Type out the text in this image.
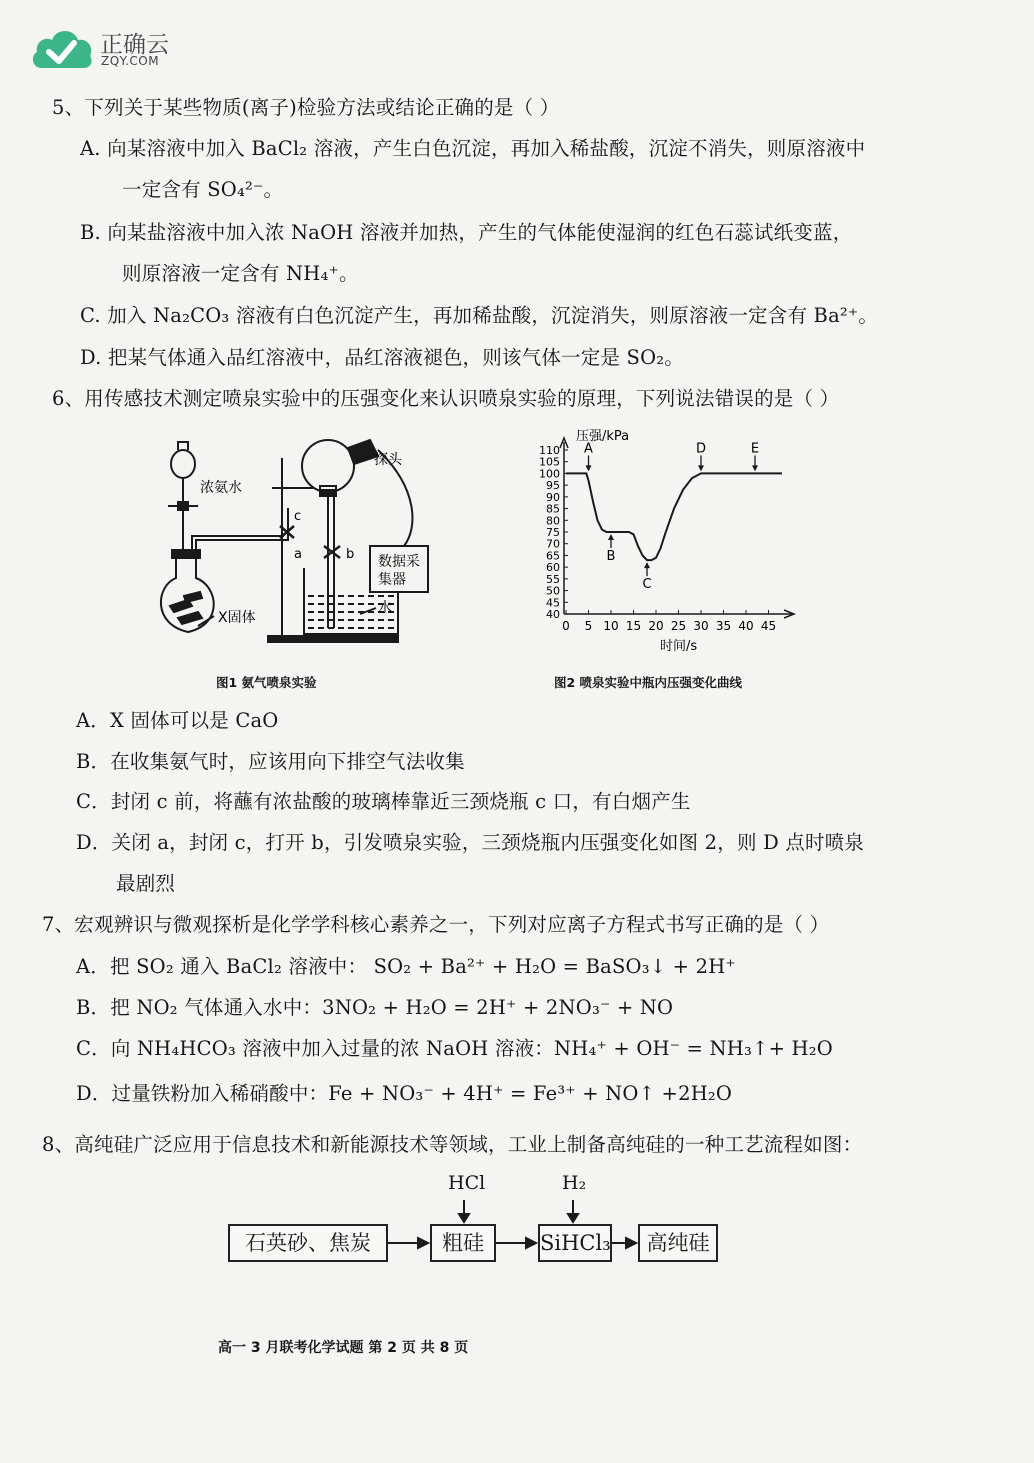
正确云
ZQY.COM
5、下列关于某些物质(离子)检验方法或结论正确的是（ ）
A. 向某溶液中加入 BaCl₂ 溶液，产生白色沉淀，再加入稀盐酸，沉淀不消失，则原溶液中
一定含有 SO₄²⁻。
B. 向某盐溶液中加入浓 NaOH 溶液并加热，产生的气体能使湿润的红色石蕊试纸变蓝，
则原溶液一定含有 NH₄⁺。
C. 加入 Na₂CO₃ 溶液有白色沉淀产生，再加稀盐酸，沉淀消失，则原溶液一定含有 Ba²⁺。
D. 把某气体通入品红溶液中，品红溶液褪色，则该气体一定是 SO₂。
6、用传感技术测定喷泉实验中的压强变化来认识喷泉实验的原理，下列说法错误的是（ ）
浓氨水
探头
X固体
水
数据采
集器
a	b
c
图1 氨气喷泉实验
40
45
50
55
60
65
70
75
80
85
90
95
100
105
110
0 5 10 15 20 25 30 35 40 45
A
B
C
D	E
压强/kPa
时间/s
图2 喷泉实验中瓶内压强变化曲线
A．X 固体可以是 CaO
B．在收集氨气时，应该用向下排空气法收集
C．封闭 c 前，将蘸有浓盐酸的玻璃棒靠近三颈烧瓶 c 口，有白烟产生
D．关闭 a，封闭 c，打开 b，引发喷泉实验，三颈烧瓶内压强变化如图 2，则 D 点时喷泉
最剧烈
7、宏观辨识与微观探析是化学学科核心素养之一，下列对应离子方程式书写正确的是（ ）
A．把 SO₂ 通入 BaCl₂ 溶液中： SO₂ + Ba²⁺ + H₂O = BaSO₃↓ + 2H⁺
B．把 NO₂ 气体通入水中：3NO₂ + H₂O = 2H⁺ + 2NO₃⁻ + NO
C．向 NH₄HCO₃ 溶液中加入过量的浓 NaOH 溶液：NH₄⁺ + OH⁻ = NH₃↑+ H₂O
D．过量铁粉加入稀硝酸中：Fe + NO₃⁻ + 4H⁺ = Fe³⁺ + NO↑ +2H₂O
8、高纯硅广泛应用于信息技术和新能源技术等领域，工业上制备高纯硅的一种工艺流程如图：
HCl	H₂
石英砂、焦炭	粗硅	SiHCl₃	高纯硅
高一 3 月联考化学试题 第 2 页 共 8 页
